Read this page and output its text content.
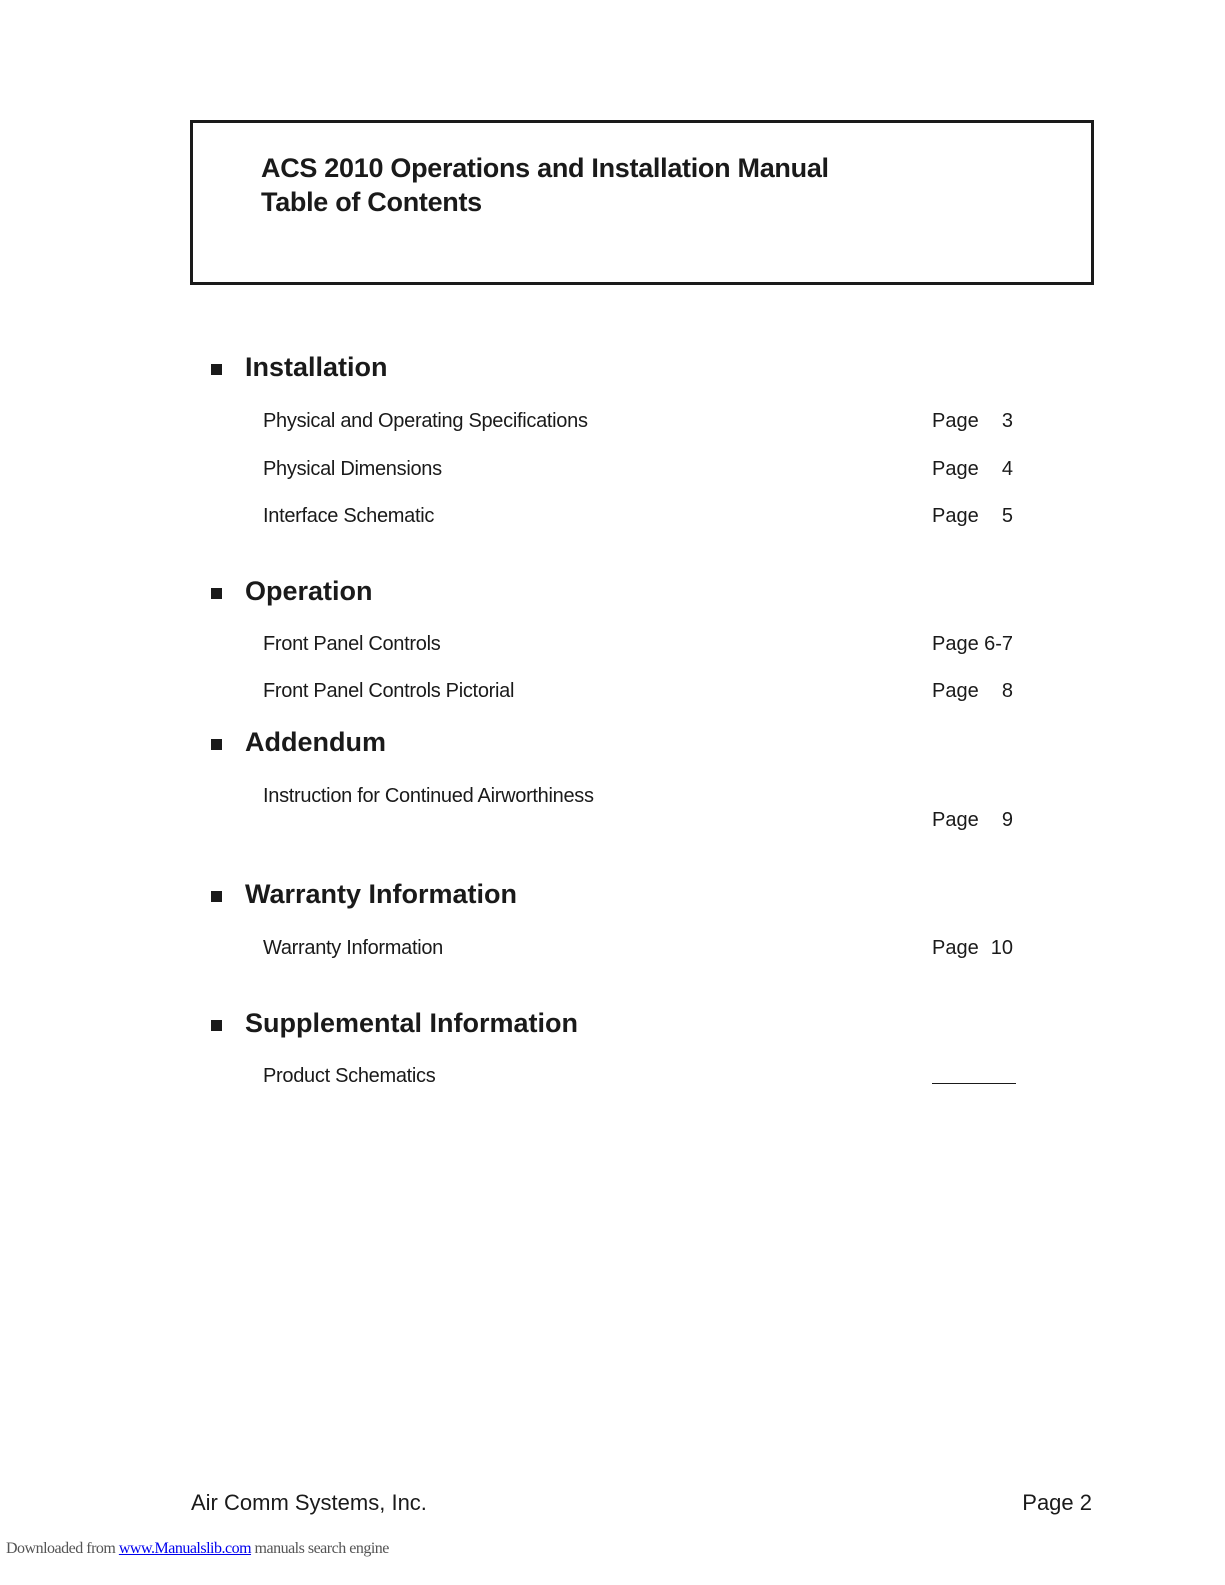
ACS 2010 Operations and Installation Manual
Table of Contents
Installation
Physical and Operating Specifications	Page 3
Physical Dimensions	Page 4
Interface Schematic	Page 5
Operation
Front Panel Controls	Page 6-7
Front Panel Controls Pictorial	Page 8
Addendum
Instruction for Continued Airworthiness
Page 9
Warranty Information
Warranty Information	Page 10
Supplemental Information
Product Schematics
Air Comm Systems, Inc.	Page 2
Downloaded from www.Manualslib.com manuals search engine
